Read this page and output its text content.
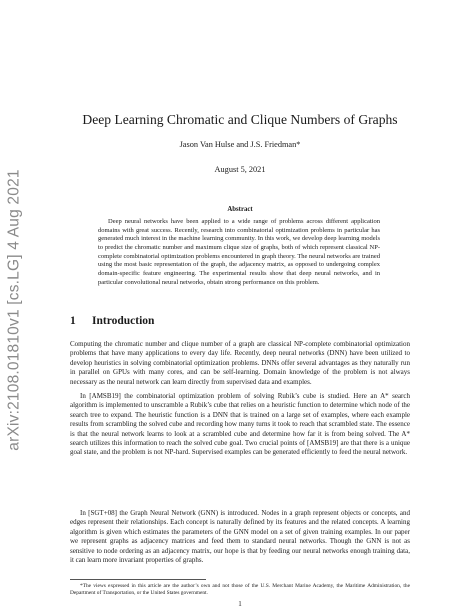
arXiv:2108.01810v1 [cs.LG] 4 Aug 2021
Deep Learning Chromatic and Clique Numbers of Graphs
Jason Van Hulse and J.S. Friedman*
August 5, 2021
Abstract

Deep neural networks have been applied to a wide range of problems across different application domains with great success. Recently, research into combinatorial optimization problems in particular has generated much interest in the machine learning community. In this work, we develop deep learning models to predict the chromatic number and maximum clique size of graphs, both of which represent classical NP-complete combinatorial optimization problems encountered in graph theory. The neural networks are trained using the most basic representation of the graph, the adjacency matrix, as opposed to undergoing complex domain-specific feature engineering. The experimental results show that deep neural networks, and in particular convolutional neural networks, obtain strong performance on this problem.

1 Introduction

Computing the chromatic number and clique number of a graph are classical NP-complete combinatorial optimization problems that have many applications to every day life. Recently, deep neural networks (DNN) have been utilized to develop heuristics in solving combinatorial optimization problems. DNNs offer several advantages as they naturally run in parallel on GPUs with many cores, and can be self-learning. Domain knowledge of the problem is not always necessary as the neural network can learn directly from supervised data and examples.

In [AMSB19] the combinatorial optimization problem of solving Rubik’s cube is studied. Here an A* search algorithm is implemented to unscramble a Rubik’s cube that relies on a heuristic function to determine which node of the search tree to expand. The heuristic function is a DNN that is trained on a large set of examples, where each example results from scrambling the solved cube and recording how many turns it took to reach that scrambled state. The essence is that the neural network learns to look at a scrambled cube and determine how far it is from being solved. The A* search utilizes this information to reach the solved cube goal. Two crucial points of [AMSB19] are that there is a unique goal state, and the problem is not NP-hard. Supervised examples can be generated efficiently to feed the neural network.

In [SGT+08] the Graph Neural Network (GNN) is introduced. Nodes in a graph represent objects or concepts, and edges represent their relationships. Each concept is naturally defined by its features and the related concepts. A learning algorithm is given which estimates the parameters of the GNN model on a set of given training examples. In our paper we represent graphs as adjacency matrices and feed them to standard neural networks. Though the GNN is not as sensitive to node ordering as an adjacency matrix, our hope is that by feeding our neural networks enough training data, it can learn more invariant properties of graphs.

*The views expressed in this article are the author’s own and not those of the U.S. Merchant Marine Academy, the Maritime Administration, the Department of Transportation, or the United States government.

1
